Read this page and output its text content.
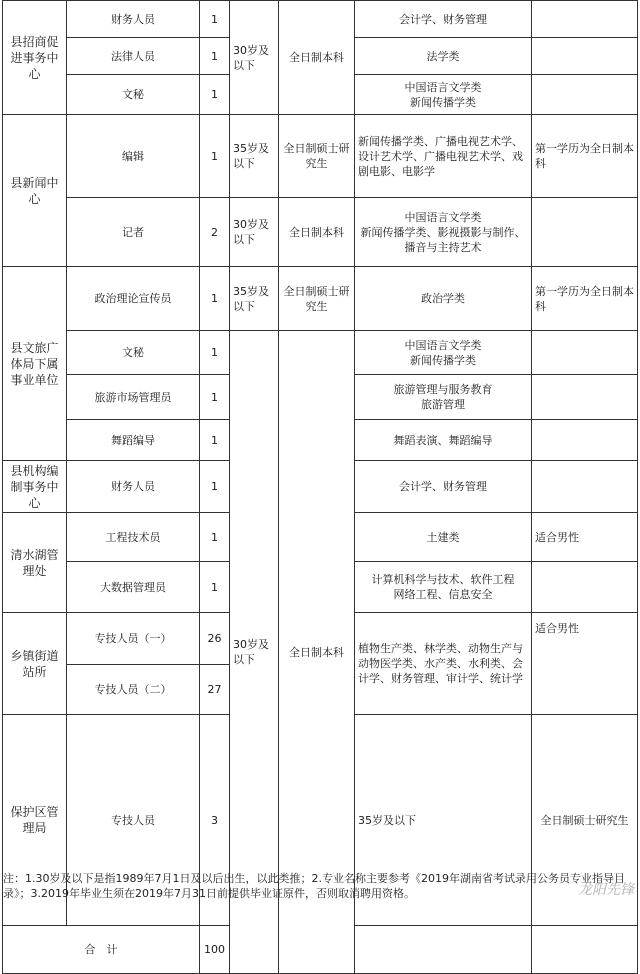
县招商促进事务中心	财务人员	1	30岁及以下	全日制本科	会计学、财务管理		
	法律人员	1			法学类		
	文秘	1			中国语言文学类
新闻传播学类		
县新闻中心	编辑	1	35岁及以下	全日制硕士研究生	新闻传播学类、广播电视艺术学、设计艺术学、广播电视艺术学、戏剧电影、电影学	第一学历为全日制本科	
	记者	2	30岁及以下	全日制本科	中国语言文学类
新闻传播学类、影视摄影与制作、播音与主持艺术		
县文旅广体局下属事业单位	政治理论宣传员	1	35岁及以下	全日制硕士研究生	政治学类	第一学历为全日制本科	
	文秘	1	30岁及以下	全日制本科	中国语言文学类
新闻传播学类		
	旅游市场管理员	1			旅游管理与服务教育
旅游管理		
	舞蹈编导	1			舞蹈表演、舞蹈编导		
县机构编制事务中心	财务人员	1			会计学、财务管理		
清水湖管理处	工程技术员	1			土建类	适合男性	
	大数据管理员	1			计算机科学与技术、软件工程
网络工程、信息安全		
乡镇街道站所	专技人员（一）	26			植物生产类、林学类、动物生产与动物医学类、水产类、水利类、会计学、财务管理、审计学、统计学	适合男性	
	专技人员（二）	27					
保护区管理局	专技人员	3			35岁及以下	全日制硕士研究生		
合　计		100					
注：1.30岁及以下是指1989年7月1日及以后出生，以此类推；2.专业名称主要参考《2019年湖南省考试录用公务员专业指导目录》；3.2019年毕业生须在2019年7月31日前提供毕业证原件，否则取消聘用资格。	龙阳先锋
